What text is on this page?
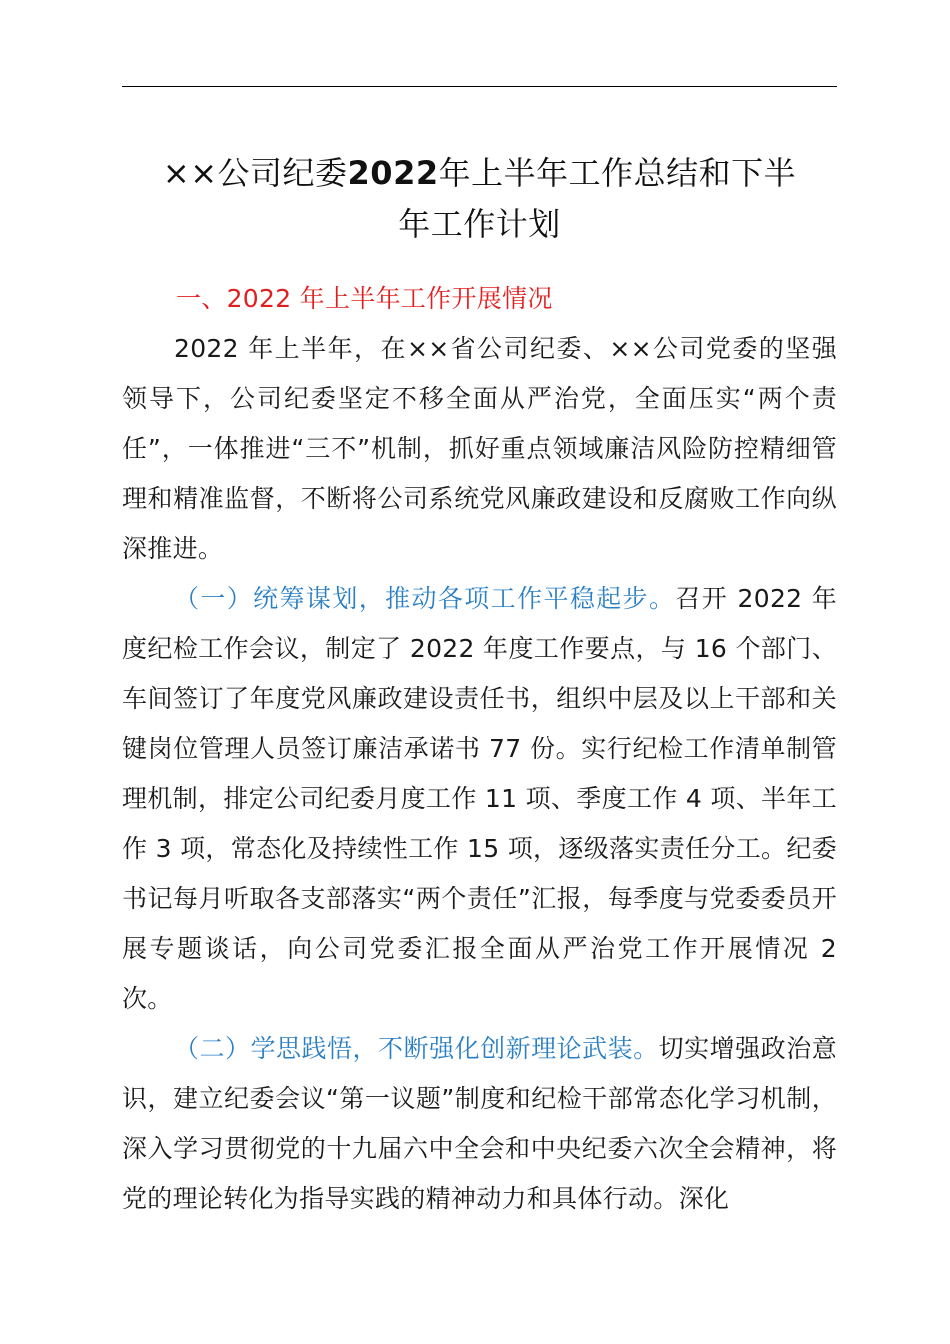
××公司纪委2022年上半年工作总结和下半
年工作计划
一、2022 年上半年工作开展情况

2022 年上半年，在××省公司纪委、××公司党委的坚强领导下，公司纪委坚定不移全面从严治党，全面压实“两个责任”，一体推进“三不”机制，抓好重点领域廉洁风险防控精细管理和精准监督，不断将公司系统党风廉政建设和反腐败工作向纵深推进。

（一）统筹谋划，推动各项工作平稳起步。召开 2022 年度纪检工作会议，制定了 2022 年度工作要点，与 16 个部门、车间签订了年度党风廉政建设责任书，组织中层及以上干部和关键岗位管理人员签订廉洁承诺书 77 份。实行纪检工作清单制管理机制，排定公司纪委月度工作 11 项、季度工作 4 项、半年工作 3 项，常态化及持续性工作 15 项，逐级落实责任分工。纪委书记每月听取各支部落实“两个责任”汇报，每季度与党委委员开展专题谈话，向公司党委汇报全面从严治党工作开展情况 2 次。

（二）学思践悟，不断强化创新理论武装。切实增强政治意识，建立纪委会议“第一议题”制度和纪检干部常态化学习机制，深入学习贯彻党的十九届六中全会和中央纪委六次全会精神，将党的理论转化为指导实践的精神动力和具体行动。深化
